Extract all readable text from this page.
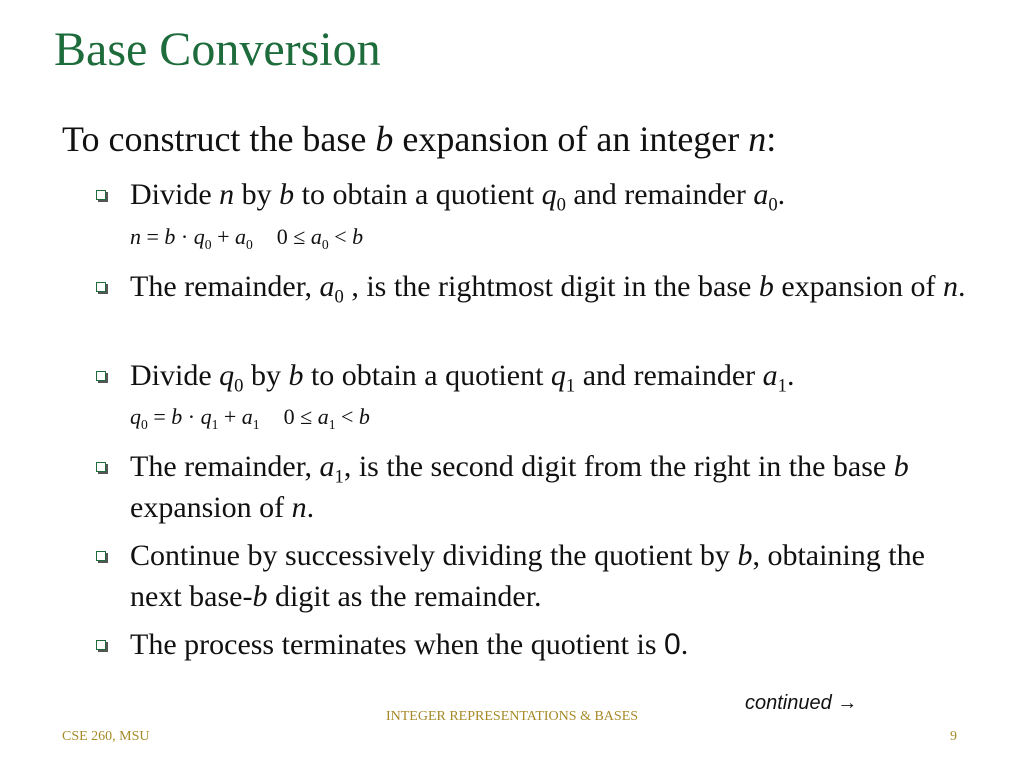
Base Conversion
To construct the base b expansion of an integer n:
Divide n by b to obtain a quotient $q_0$ and remainder $a_0$.
$n = b \cdot q_0 + a_0$ $0 \le a_0 < b$
The remainder, $a_0$ , is the rightmost digit in the base b expansion of n.
Divide $q_0$ by b to obtain a quotient $q_1$ and remainder $a_1$.
$q_0 = b \cdot q_1 + a_1$ $0 \le a_1 < b$
The remainder, $a_1$, is the second digit from the right in the base b expansion of n.
Continue by successively dividing the quotient by b, obtaining the next base-b digit as the remainder.
The process terminates when the quotient is 0.
continued →
CSE 260, MSU
INTEGER REPRESENTATIONS & BASES
9
